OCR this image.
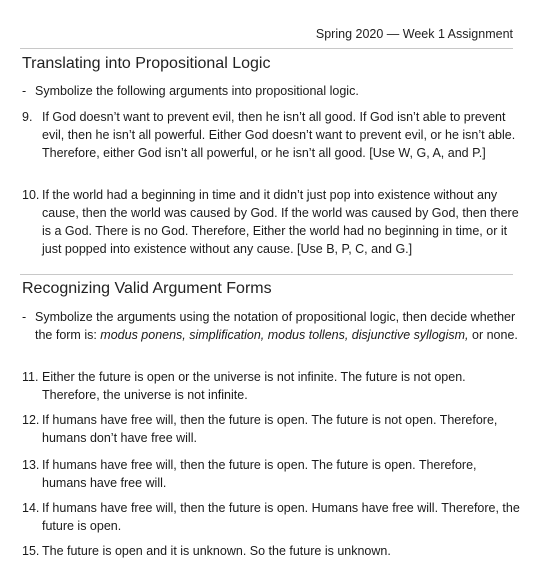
Spring 2020 — Week 1 Assignment
Translating into Propositional Logic
- Symbolize the following arguments into propositional logic.
9. If God doesn’t want to prevent evil, then he isn’t all good. If God isn’t able to prevent evil, then he isn’t all powerful. Either God doesn’t want to prevent evil, or he isn’t able. Therefore, either God isn’t all powerful, or he isn’t all good. [Use W, G, A, and P.]
10. If the world had a beginning in time and it didn’t just pop into existence without any cause, then the world was caused by God. If the world was caused by God, then there is a God. There is no God. Therefore, Either the world had no beginning in time, or it just popped into existence without any cause. [Use B, P, C, and G.]
Recognizing Valid Argument Forms
- Symbolize the arguments using the notation of propositional logic, then decide whether the form is: modus ponens, simplification, modus tollens, disjunctive syllogism, or none.
11. Either the future is open or the universe is not infinite. The future is not open. Therefore, the universe is not infinite.
12. If humans have free will, then the future is open. The future is not open. Therefore, humans don’t have free will.
13. If humans have free will, then the future is open. The future is open. Therefore, humans have free will.
14. If humans have free will, then the future is open. Humans have free will. Therefore, the future is open.
15. The future is open and it is unknown. So the future is unknown.
